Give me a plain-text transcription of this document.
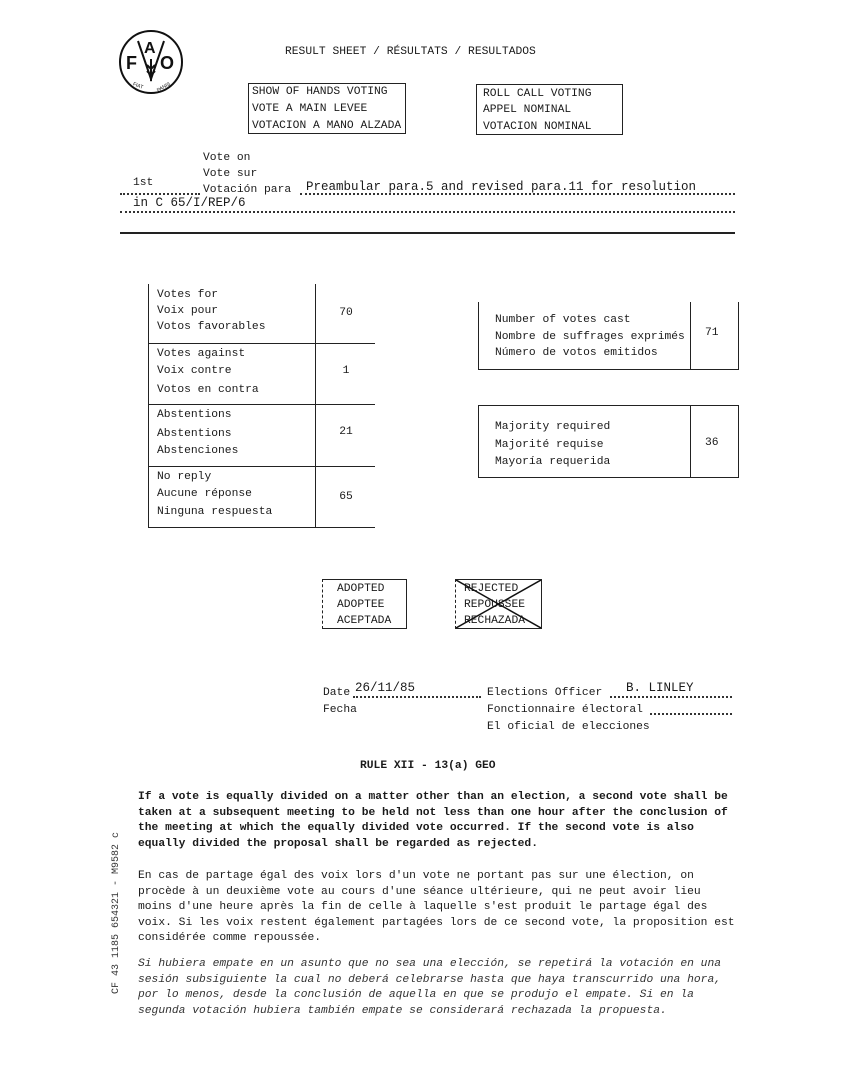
F
A
O
FIAT PANIS
RESULT SHEET / RÉSULTATS / RESULTADOS
SHOW OF HANDS VOTING
VOTE A MAIN LEVEE
VOTACION A MANO ALZADA
ROLL CALL VOTING
APPEL NOMINAL
VOTACION NOMINAL
Vote on
Vote sur
Votación para
1st	Preambular para.5 and revised para.11 for resolution
in C 65/I/REP/6
Votes for
Voix pour
Votos favorables
70
Votes against
Voix contre
Votos en contra
1
Abstentions
Abstentions
Abstenciones
21
No reply
Aucune réponse
Ninguna respuesta
65
Number of votes cast
Nombre de suffrages exprimés
Número de votos emitidos
71
Majority required
Majorité requise
Mayoría requerida
36
ADOPTED
ADOPTEE
ACEPTADA
REJECTED
REPOUSSEE
RECHAZADA
Date 26/11/85
Fecha
Elections Officer B. LINLEY
Fonctionnaire électoral
El oficial de elecciones
RULE XII - 13(a) GEO
If a vote is equally divided on a matter other than an election, a second vote shall be taken at a subsequent meeting to be held not less than one hour after the conclusion of the meeting at which the equally divided vote occurred. If the second vote is also equally divided the proposal shall be regarded as rejected.
En cas de partage égal des voix lors d'un vote ne portant pas sur une élection, on procède à un deuxième vote au cours d'une séance ultérieure, qui ne peut avoir lieu moins d'une heure après la fin de celle à laquelle s'est produit le partage égal des voix. Si les voix restent également partagées lors de ce second vote, la proposition est considérée comme repoussée.
Si hubiera empate en un asunto que no sea una elección, se repetirá la votación en una sesión subsiguiente la cual no deberá celebrarse hasta que haya transcurrido una hora, por lo menos, desde la conclusión de aquella en que se produjo el empate. Si en la segunda votación hubiera también empate se considerará rechazada la propuesta.
CF 43 1185 654321 - M9582 c
